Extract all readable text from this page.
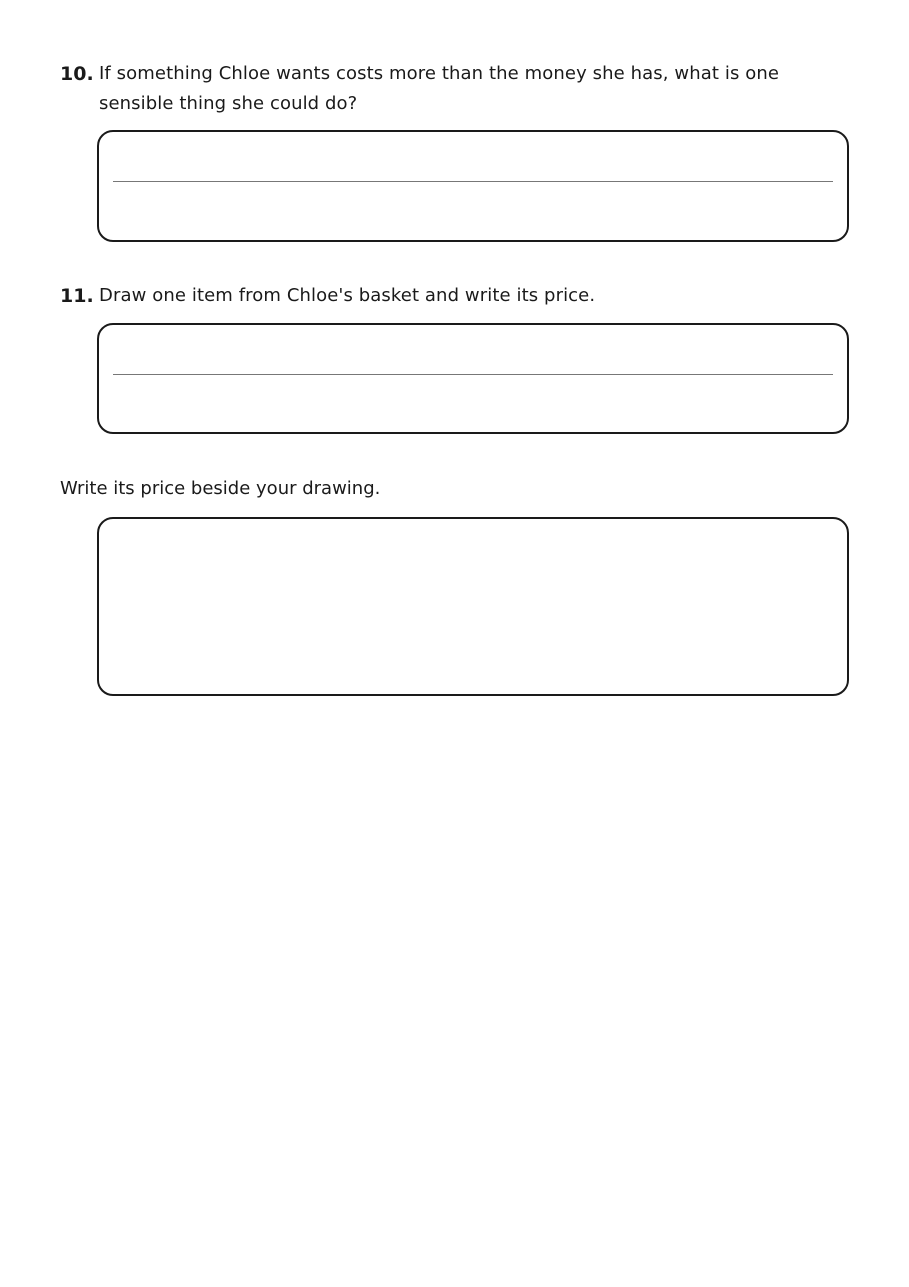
10. If something Chloe wants costs more than the money she has, what is one
sensible thing she could do?
11. Draw one item from Chloe's basket and write its price.
Write its price beside your drawing.
